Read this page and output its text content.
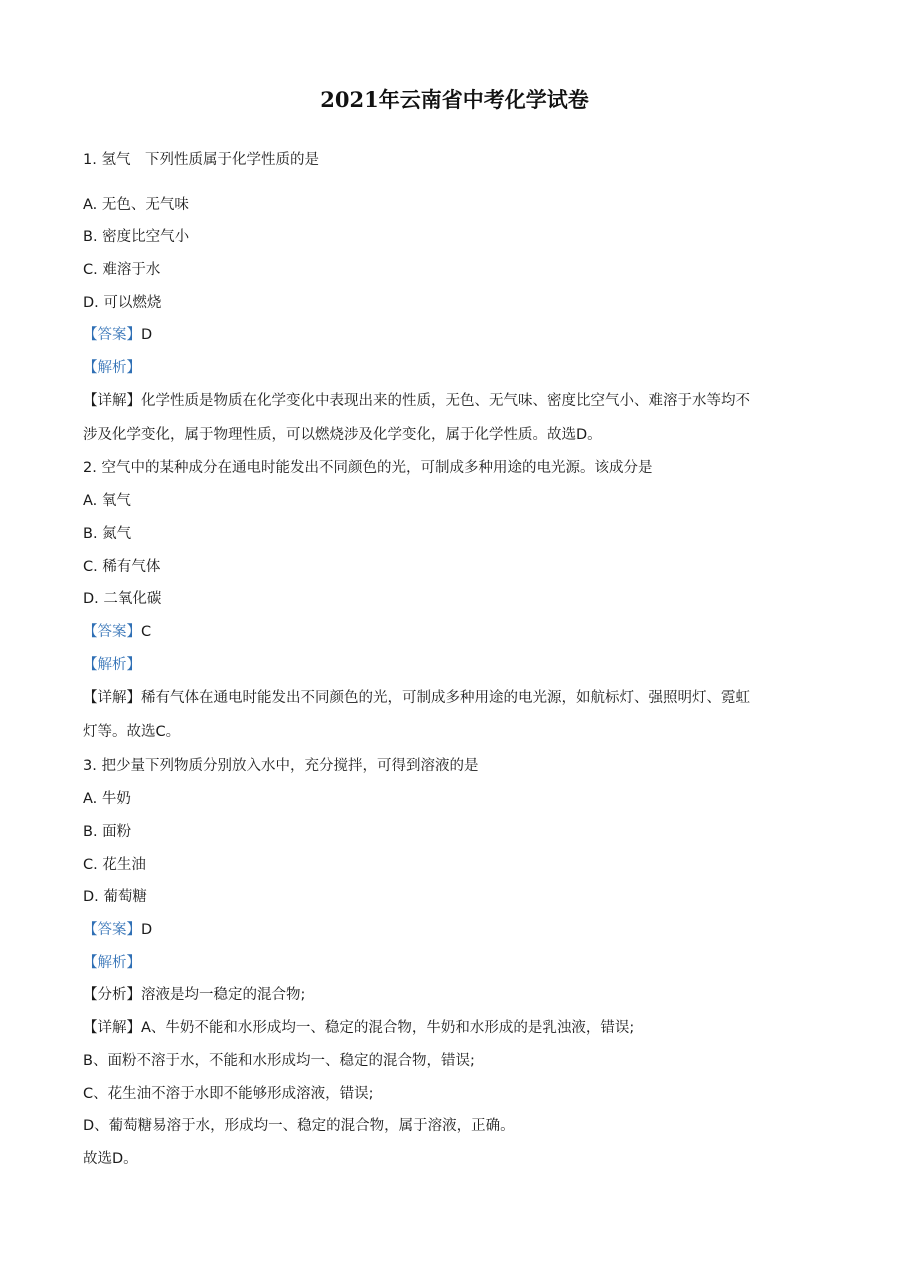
2021年云南省中考化学试卷
1. 氢气　下列性质属于化学性质的是
A. 无色、无气味
B. 密度比空气小
C. 难溶于水
D. 可以燃烧
【答案】D
【解析】
【详解】化学性质是物质在化学变化中表现出来的性质，无色、无气味、密度比空气小、难溶于水等均不
涉及化学变化，属于物理性质，可以燃烧涉及化学变化，属于化学性质。故选D。
2. 空气中的某种成分在通电时能发出不同颜色的光，可制成多种用途的电光源。该成分是
A. 氧气
B. 氮气
C. 稀有气体
D. 二氧化碳
【答案】C
【解析】
【详解】稀有气体在通电时能发出不同颜色的光，可制成多种用途的电光源，如航标灯、强照明灯、霓虹
灯等。故选C。
3. 把少量下列物质分别放入水中，充分搅拌，可得到溶液的是
A. 牛奶
B. 面粉
C. 花生油
D. 葡萄糖
【答案】D
【解析】
【分析】溶液是均一稳定的混合物;
【详解】A、牛奶不能和水形成均一、稳定的混合物，牛奶和水形成的是乳浊液，错误;
B、面粉不溶于水，不能和水形成均一、稳定的混合物，错误;
C、花生油不溶于水即不能够形成溶液，错误;
D、葡萄糖易溶于水，形成均一、稳定的混合物，属于溶液，正确。
故选D。
